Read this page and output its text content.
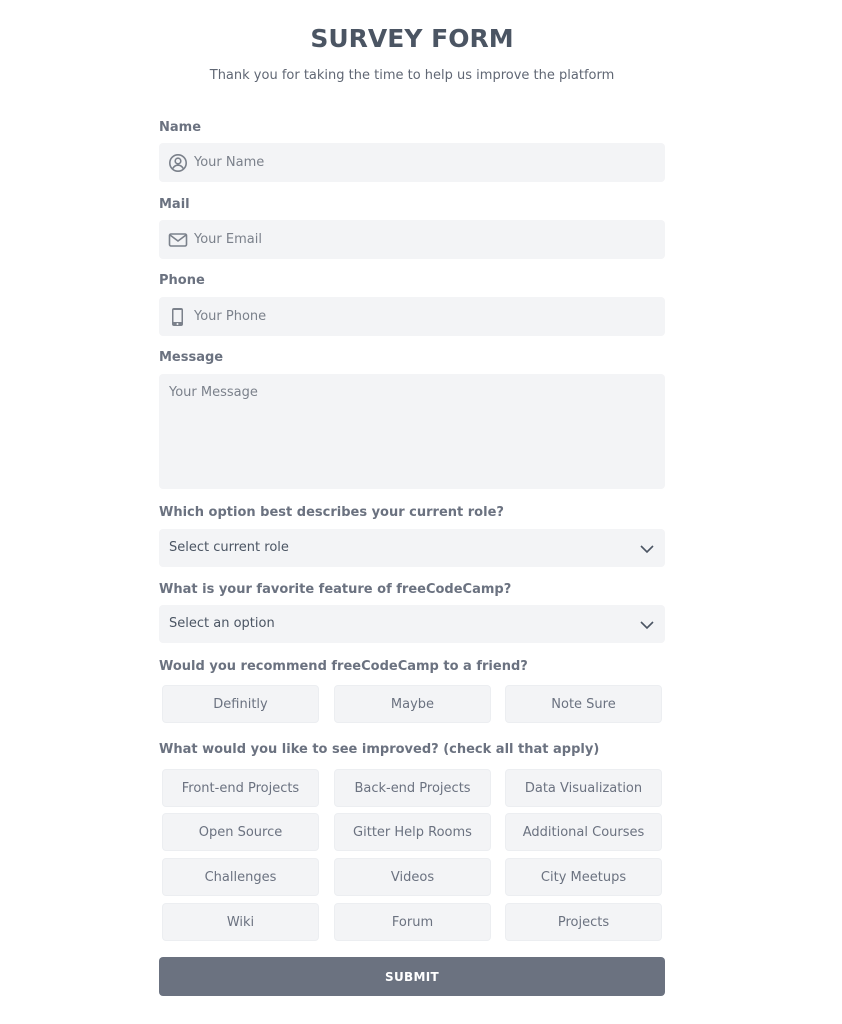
SURVEY FORM
Thank you for taking the time to help us improve the platform
Name
Your Name
Mail
Your Email
Phone
Your Phone
Message
Your Message
Which option best describes your current role?
Select current role
What is your favorite feature of freeCodeCamp?
Select an option
Would you recommend freeCodeCamp to a friend?
Definitly	Maybe	Note Sure
What would you like to see improved? (check all that apply)
Front-end Projects	Back-end Projects	Data Visualization
Open Source	Gitter Help Rooms	Additional Courses
Challenges	Videos	City Meetups
Wiki	Forum	Projects
SUBMIT
